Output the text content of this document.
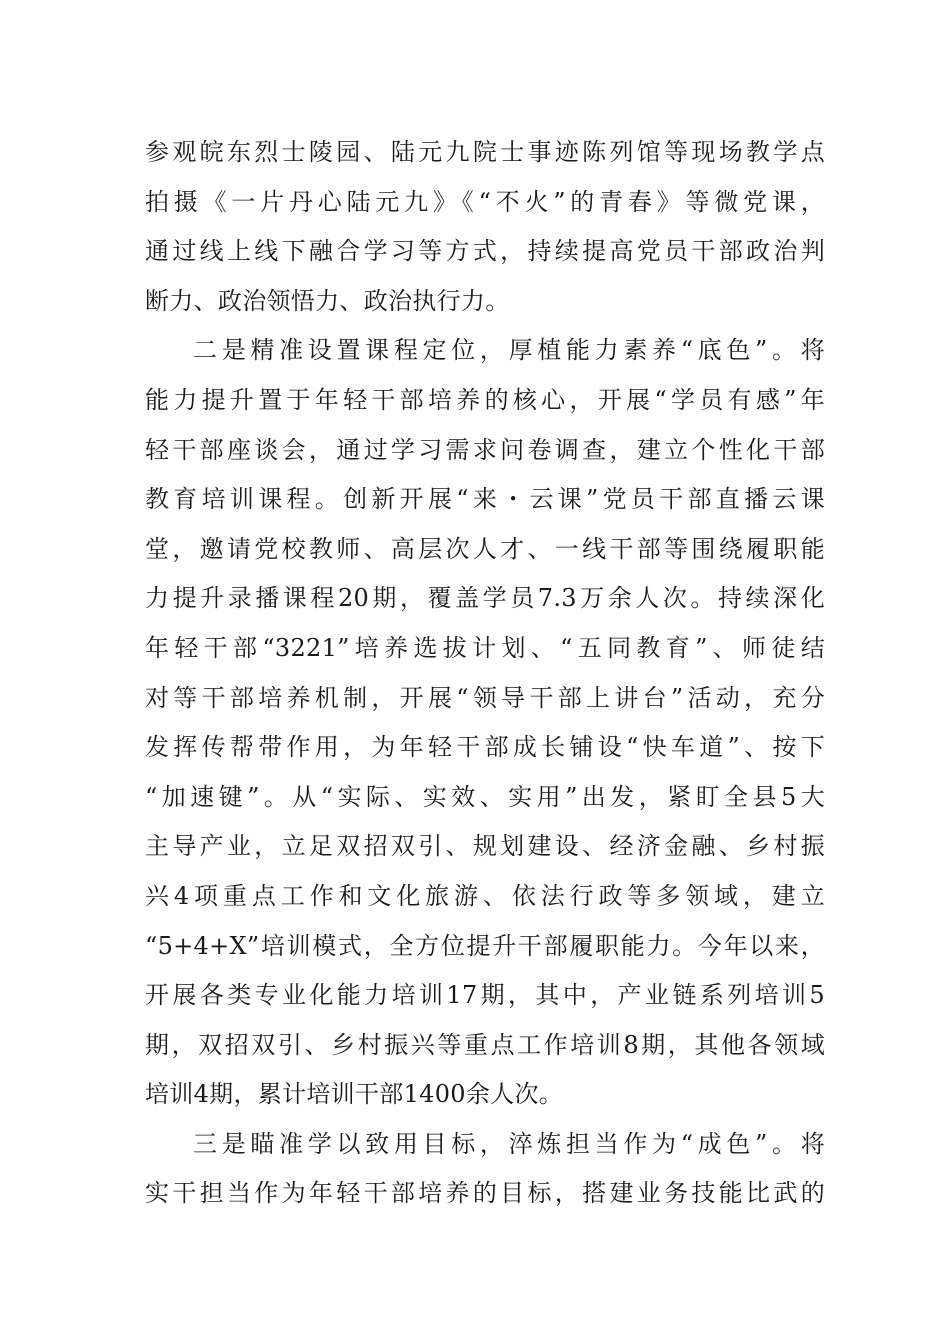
参观皖东烈士陵园、陆元九院士事迹陈列馆等现场教学点
拍摄《一片丹心陆元九》《“不火”的青春》等微党课，
通过线上线下融合学习等方式，持续提高党员干部政治判
断力、政治领悟力、政治执行力。
二是精准设置课程定位，厚植能力素养“底色”。将
能力提升置于年轻干部培养的核心，开展“学员有感”年
轻干部座谈会，通过学习需求问卷调查，建立个性化干部
教育培训课程。创新开展“来・云课”党员干部直播云课
堂，邀请党校教师、高层次人才、一线干部等围绕履职能
力提升录播课程20期，覆盖学员7.3万余人次。持续深化
年轻干部“3221”培养选拔计划、“五同教育”、师徒结
对等干部培养机制，开展“领导干部上讲台”活动，充分
发挥传帮带作用，为年轻干部成长铺设“快车道”、按下
“加速键”。从“实际、实效、实用”出发，紧盯全县5大
主导产业，立足双招双引、规划建设、经济金融、乡村振
兴4项重点工作和文化旅游、依法行政等多领域，建立
“5+4+X”培训模式，全方位提升干部履职能力。今年以来，
开展各类专业化能力培训17期，其中，产业链系列培训5
期，双招双引、乡村振兴等重点工作培训8期，其他各领域
培训4期，累计培训干部1400余人次。
三是瞄准学以致用目标，淬炼担当作为“成色”。将
实干担当作为年轻干部培养的目标，搭建业务技能比武的
